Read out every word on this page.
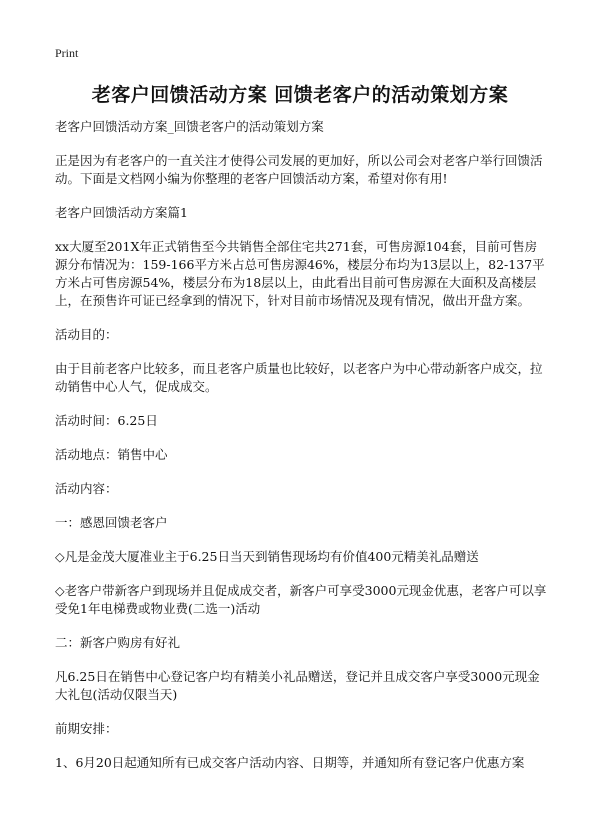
Print
老客户回馈活动方案 回馈老客户的活动策划方案

老客户回馈活动方案_回馈老客户的活动策划方案

正是因为有老客户的一直关注才使得公司发展的更加好，所以公司会对老客户举行回馈活动。下面是文档网小编为你整理的老客户回馈活动方案，希望对你有用!

老客户回馈活动方案篇1

xx大厦至201X年正式销售至今共销售全部住宅共271套，可售房源104套，目前可售房源分布情况为：159-166平方米占总可售房源46%，楼层分布均为13层以上，82-137平方米占可售房源54%，楼层分布为18层以上，由此看出目前可售房源在大面积及高楼层上，在预售许可证已经拿到的情况下，针对目前市场情况及现有情况，做出开盘方案。

活动目的：

由于目前老客户比较多，而且老客户质量也比较好，以老客户为中心带动新客户成交，拉动销售中心人气，促成成交。

活动时间：6.25日

活动地点：销售中心

活动内容：

一：感恩回馈老客户

◇凡是金茂大厦准业主于6.25日当天到销售现场均有价值400元精美礼品赠送

◇老客户带新客户到现场并且促成成交者，新客户可享受3000元现金优惠，老客户可以享受免1年电梯费或物业费(二选一)活动

二：新客户购房有好礼

凡6.25日在销售中心登记客户均有精美小礼品赠送，登记并且成交客户享受3000元现金大礼包(活动仅限当天)

前期安排：

1、6月20日起通知所有已成交客户活动内容、日期等，并通知所有登记客户优惠方案
